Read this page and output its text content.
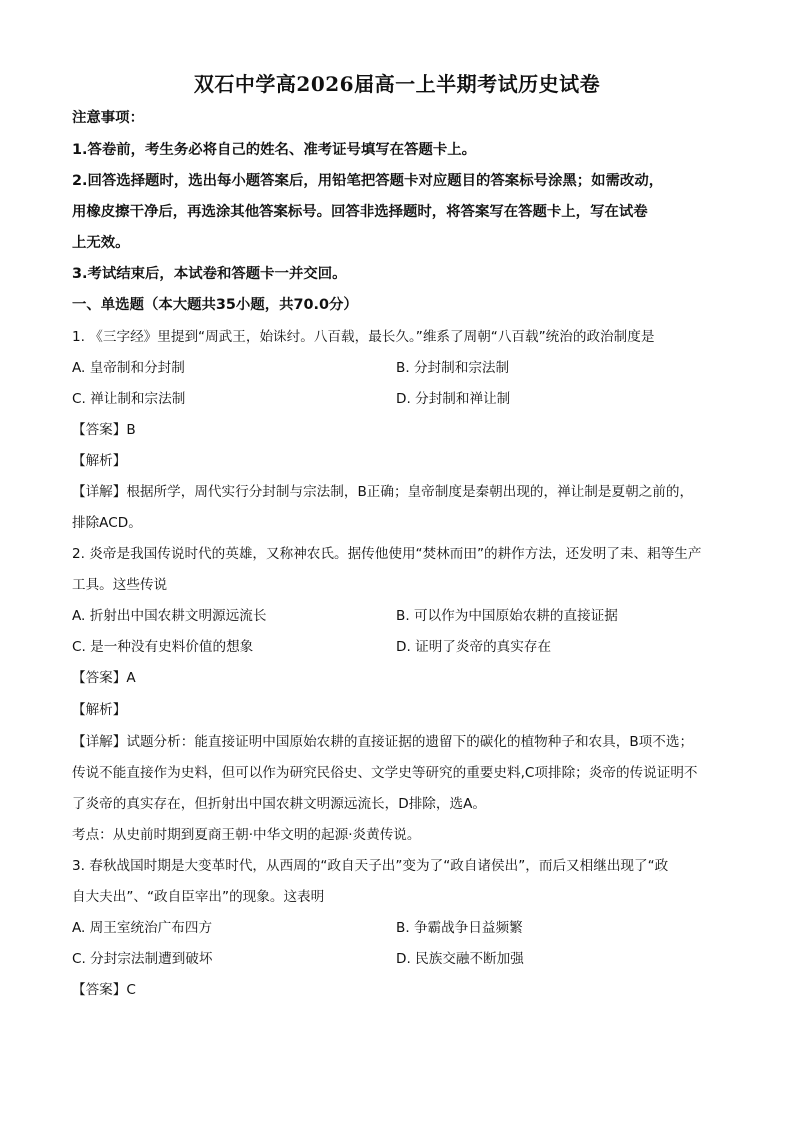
双石中学高2026届高一上半期考试历史试卷
注意事项：
1.答卷前，考生务必将自己的姓名、准考证号填写在答题卡上。
2.回答选择题时，选出每小题答案后，用铅笔把答题卡对应题目的答案标号涂黑；如需改动，
用橡皮擦干净后，再选涂其他答案标号。回答非选择题时，将答案写在答题卡上，写在试卷
上无效。
3.考试结束后，本试卷和答题卡一并交回。
一、单选题（本大题共35小题，共70.0分）
1. 《三字经》里提到“周武王，始诛纣。八百载，最长久。”维系了周朝“八百载”统治的政治制度是
A. 皇帝制和分封制	B. 分封制和宗法制
C. 禅让制和宗法制	D. 分封制和禅让制
【答案】B
【解析】
【详解】根据所学，周代实行分封制与宗法制，B正确；皇帝制度是秦朝出现的，禅让制是夏朝之前的，
排除ACD。
2. 炎帝是我国传说时代的英雄，又称神农氏。据传他使用“焚林而田”的耕作方法，还发明了耒、耜等生产
工具。这些传说
A. 折射出中国农耕文明源远流长	B. 可以作为中国原始农耕的直接证据
C. 是一种没有史料价值的想象	D. 证明了炎帝的真实存在
【答案】A
【解析】
【详解】试题分析：能直接证明中国原始农耕的直接证据的遗留下的碳化的植物种子和农具，B项不选；
传说不能直接作为史料，但可以作为研究民俗史、文学史等研究的重要史料,C项排除；炎帝的传说证明不
了炎帝的真实存在，但折射出中国农耕文明源远流长，D排除，选A。
考点：从史前时期到夏商王朝·中华文明的起源·炎黄传说。
3. 春秋战国时期是大变革时代，从西周的“政自天子出”变为了“政自诸侯出”，而后又相继出现了“政
自大夫出”、“政自臣宰出”的现象。这表明
A. 周王室统治广布四方	B. 争霸战争日益频繁
C. 分封宗法制遭到破坏	D. 民族交融不断加强
【答案】C
